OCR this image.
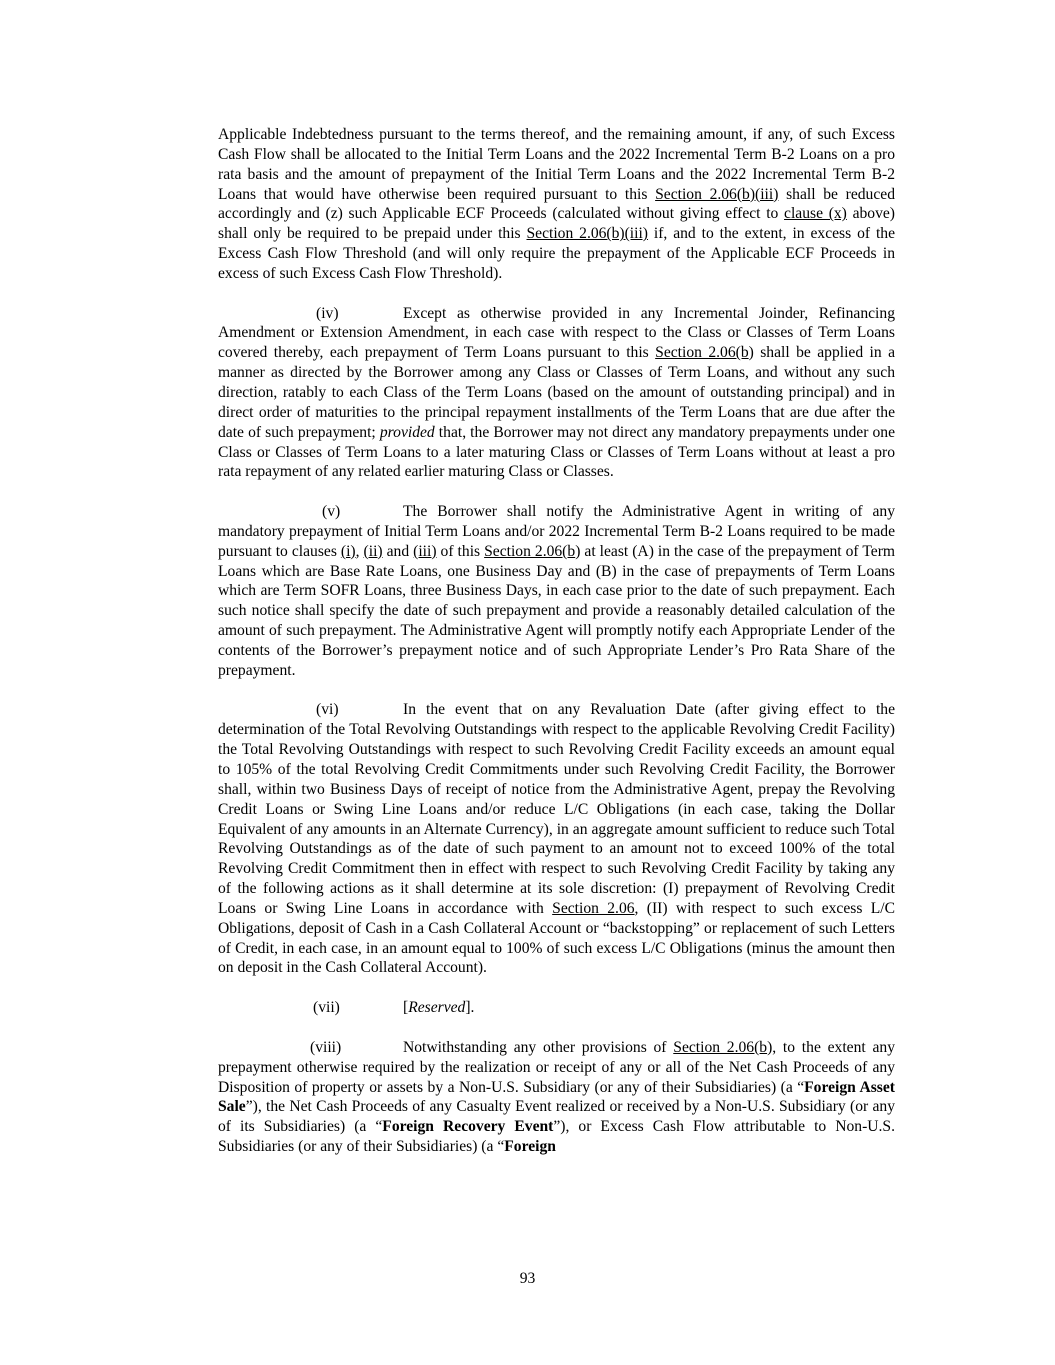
Applicable Indebtedness pursuant to the terms thereof, and the remaining amount, if any, of such Excess Cash Flow shall be allocated to the Initial Term Loans and the 2022 Incremental Term B-2 Loans on a pro rata basis and the amount of prepayment of the Initial Term Loans and the 2022 Incremental Term B-2 Loans that would have otherwise been required pursuant to this Section 2.06(b)(iii) shall be reduced accordingly and (z) such Applicable ECF Proceeds (calculated without giving effect to clause (x) above) shall only be required to be prepaid under this Section 2.06(b)(iii) if, and to the extent, in excess of the Excess Cash Flow Threshold (and will only require the prepayment of the Applicable ECF Proceeds in excess of such Excess Cash Flow Threshold).

(iv)	Except as otherwise provided in any Incremental Joinder, Refinancing Amendment or Extension Amendment, in each case with respect to the Class or Classes of Term Loans covered thereby, each prepayment of Term Loans pursuant to this Section 2.06(b) shall be applied in a manner as directed by the Borrower among any Class or Classes of Term Loans, and without any such direction, ratably to each Class of the Term Loans (based on the amount of outstanding principal) and in direct order of maturities to the principal repayment installments of the Term Loans that are due after the date of such prepayment; provided that, the Borrower may not direct any mandatory prepayments under one Class or Classes of Term Loans to a later maturing Class or Classes of Term Loans without at least a pro rata repayment of any related earlier maturing Class or Classes.

(v)	The Borrower shall notify the Administrative Agent in writing of any mandatory prepayment of Initial Term Loans and/or 2022 Incremental Term B-2 Loans required to be made pursuant to clauses (i), (ii) and (iii) of this Section 2.06(b) at least (A) in the case of the prepayment of Term Loans which are Base Rate Loans, one Business Day and (B) in the case of prepayments of Term Loans which are Term SOFR Loans, three Business Days, in each case prior to the date of such prepayment. Each such notice shall specify the date of such prepayment and provide a reasonably detailed calculation of the amount of such prepayment. The Administrative Agent will promptly notify each Appropriate Lender of the contents of the Borrower’s prepayment notice and of such Appropriate Lender’s Pro Rata Share of the prepayment.

(vi)	In the event that on any Revaluation Date (after giving effect to the determination of the Total Revolving Outstandings with respect to the applicable Revolving Credit Facility) the Total Revolving Outstandings with respect to such Revolving Credit Facility exceeds an amount equal to 105% of the total Revolving Credit Commitments under such Revolving Credit Facility, the Borrower shall, within two Business Days of receipt of notice from the Administrative Agent, prepay the Revolving Credit Loans or Swing Line Loans and/or reduce L/C Obligations (in each case, taking the Dollar Equivalent of any amounts in an Alternate Currency), in an aggregate amount sufficient to reduce such Total Revolving Outstandings as of the date of such payment to an amount not to exceed 100% of the total Revolving Credit Commitment then in effect with respect to such Revolving Credit Facility by taking any of the following actions as it shall determine at its sole discretion: (I) prepayment of Revolving Credit Loans or Swing Line Loans in accordance with Section 2.06, (II) with respect to such excess L/C Obligations, deposit of Cash in a Cash Collateral Account or “backstopping” or replacement of such Letters of Credit, in each case, in an amount equal to 100% of such excess L/C Obligations (minus the amount then on deposit in the Cash Collateral Account).

(vii)	[Reserved].

(viii)	Notwithstanding any other provisions of Section 2.06(b), to the extent any prepayment otherwise required by the realization or receipt of any or all of the Net Cash Proceeds of any Disposition of property or assets by a Non-U.S. Subsidiary (or any of their Subsidiaries) (a “Foreign Asset Sale”), the Net Cash Proceeds of any Casualty Event realized or received by a Non-U.S. Subsidiary (or any of its Subsidiaries) (a “Foreign Recovery Event”), or Excess Cash Flow attributable to Non-U.S. Subsidiaries (or any of their Subsidiaries) (a “Foreign

93
